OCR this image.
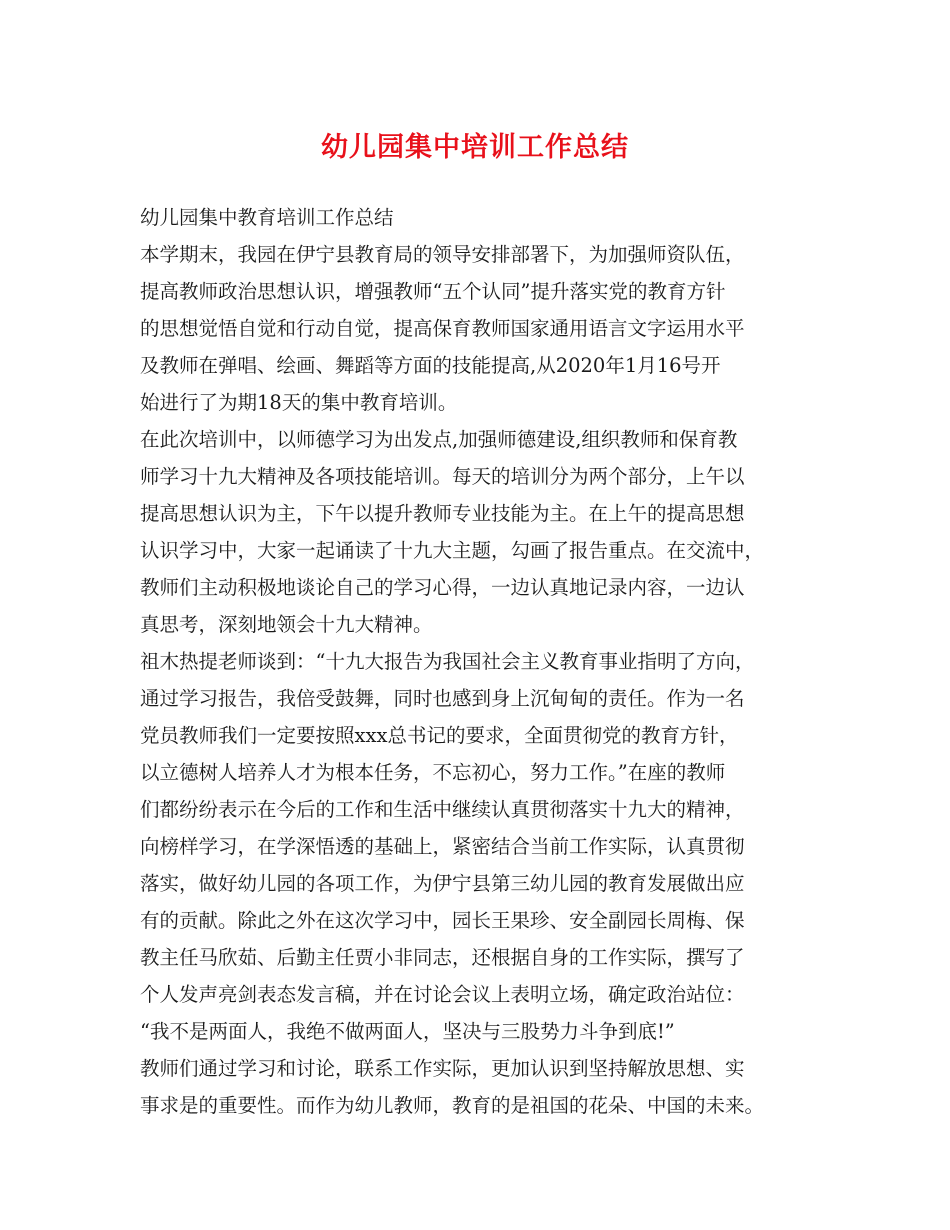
幼儿园集中培训工作总结
幼儿园集中教育培训工作总结
本学期末，我园在伊宁县教育局的领导安排部署下，为加强师资队伍，
提高教师政治思想认识，增强教师“五个认同”提升落实党的教育方针
的思想觉悟自觉和行动自觉，提高保育教师国家通用语言文字运用水平
及教师在弹唱、绘画、舞蹈等方面的技能提高,从2020年1月16号开
始进行了为期18天的集中教育培训。
在此次培训中，以师德学习为出发点,加强师德建设,组织教师和保育教
师学习十九大精神及各项技能培训。每天的培训分为两个部分，上午以
提高思想认识为主，下午以提升教师专业技能为主。在上午的提高思想
认识学习中，大家一起诵读了十九大主题，勾画了报告重点。在交流中，
教师们主动积极地谈论自己的学习心得，一边认真地记录内容，一边认
真思考，深刻地领会十九大精神。
祖木热提老师谈到：“十九大报告为我国社会主义教育事业指明了方向，
通过学习报告，我倍受鼓舞，同时也感到身上沉甸甸的责任。作为一名
党员教师我们一定要按照xxx总书记的要求，全面贯彻党的教育方针，
以立德树人培养人才为根本任务，不忘初心，努力工作。”在座的教师
们都纷纷表示在今后的工作和生活中继续认真贯彻落实十九大的精神，
向榜样学习，在学深悟透的基础上，紧密结合当前工作实际，认真贯彻
落实，做好幼儿园的各项工作，为伊宁县第三幼儿园的教育发展做出应
有的贡献。除此之外在这次学习中，园长王果珍、安全副园长周梅、保
教主任马欣茹、后勤主任贾小非同志，还根据自身的工作实际，撰写了
个人发声亮剑表态发言稿，并在讨论会议上表明立场，确定政治站位：
“我不是两面人，我绝不做两面人，坚决与三股势力斗争到底!”
教师们通过学习和讨论，联系工作实际，更加认识到坚持解放思想、实
事求是的重要性。而作为幼儿教师，教育的是祖国的花朵、中国的未来。
